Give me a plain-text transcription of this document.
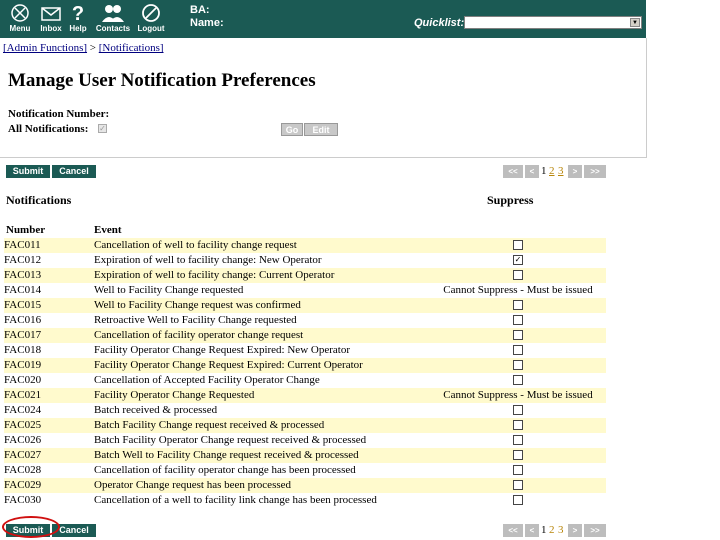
Menu	Inbox
?
Help	Contacts Logout
BA:
Name:	Quicklist:	▼
[Admin Functions] > [Notifications]
Manage User Notification Preferences
Notification Number:
All Notifications: ✓	Go	Edit
Submit	Cancel	<<	< 1 2 3	>	>>
Notifications	Suppress
Number	Event
FAC011	Cancellation of well to facility change request
FAC012	Expiration of well to facility change: New Operator	✓
FAC013	Expiration of well to facility change: Current Operator
FAC014	Well to Facility Change requested	Cannot Suppress - Must be issued
FAC015	Well to Facility Change request was confirmed
FAC016	Retroactive Well to Facility Change requested
FAC017	Cancellation of facility operator change request
FAC018	Facility Operator Change Request Expired: New Operator
FAC019	Facility Operator Change Request Expired: Current Operator
FAC020	Cancellation of Accepted Facility Operator Change
FAC021	Facility Operator Change Requested	Cannot Suppress - Must be issued
FAC024	Batch received & processed
FAC025	Batch Facility Change request received & processed
FAC026	Batch Facility Operator Change request received & processed
FAC027	Batch Well to Facility Change request received & processed
FAC028	Cancellation of facility operator change has been processed
FAC029	Operator Change request has been processed
FAC030	Cancellation of a well to facility link change has been processed
Submit	Cancel	<<	< 1 2 3	>	>>
